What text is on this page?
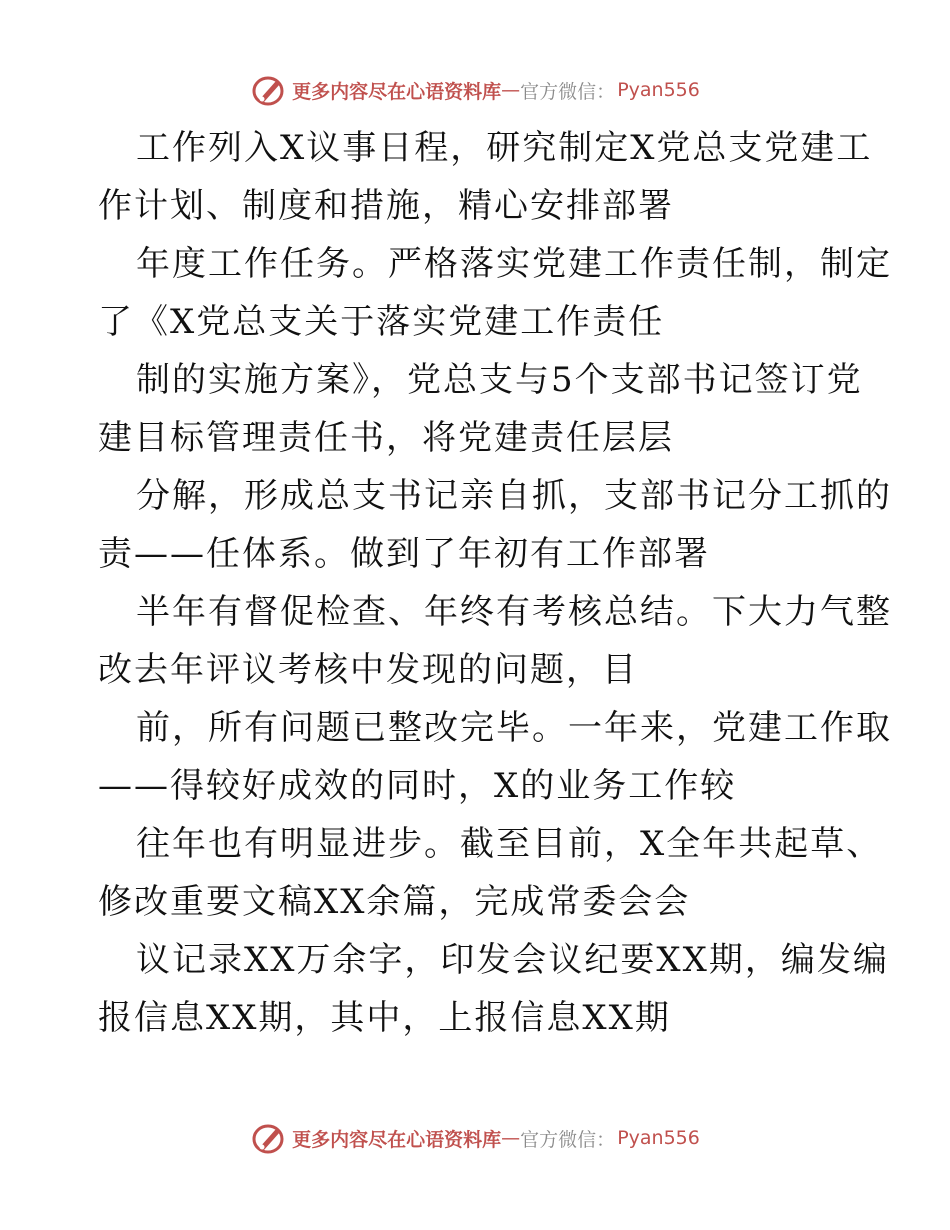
更多内容尽在心语资料库 — 官方微信： Pyan556
工作列入X议事日程，研究制定X党总支党建工
作计划、制度和措施，精心安排部署
年度工作任务。严格落实党建工作责任制，制定
了《X党总支关于落实党建工作责任
制的实施方案》，党总支与5个支部书记签订党
建目标管理责任书，将党建责任层层
分解，形成总支书记亲自抓，支部书记分工抓的
责——任体系。做到了年初有工作部署
半年有督促检查、年终有考核总结。下大力气整
改去年评议考核中发现的问题，目
前，所有问题已整改完毕。一年来，党建工作取
——得较好成效的同时，X的业务工作较
往年也有明显进步。截至目前，X全年共起草、
修改重要文稿XX余篇，完成常委会会
议记录XX万余字，印发会议纪要XX期，编发编
报信息XX期，其中，上报信息XX期
更多内容尽在心语资料库 — 官方微信： Pyan556
